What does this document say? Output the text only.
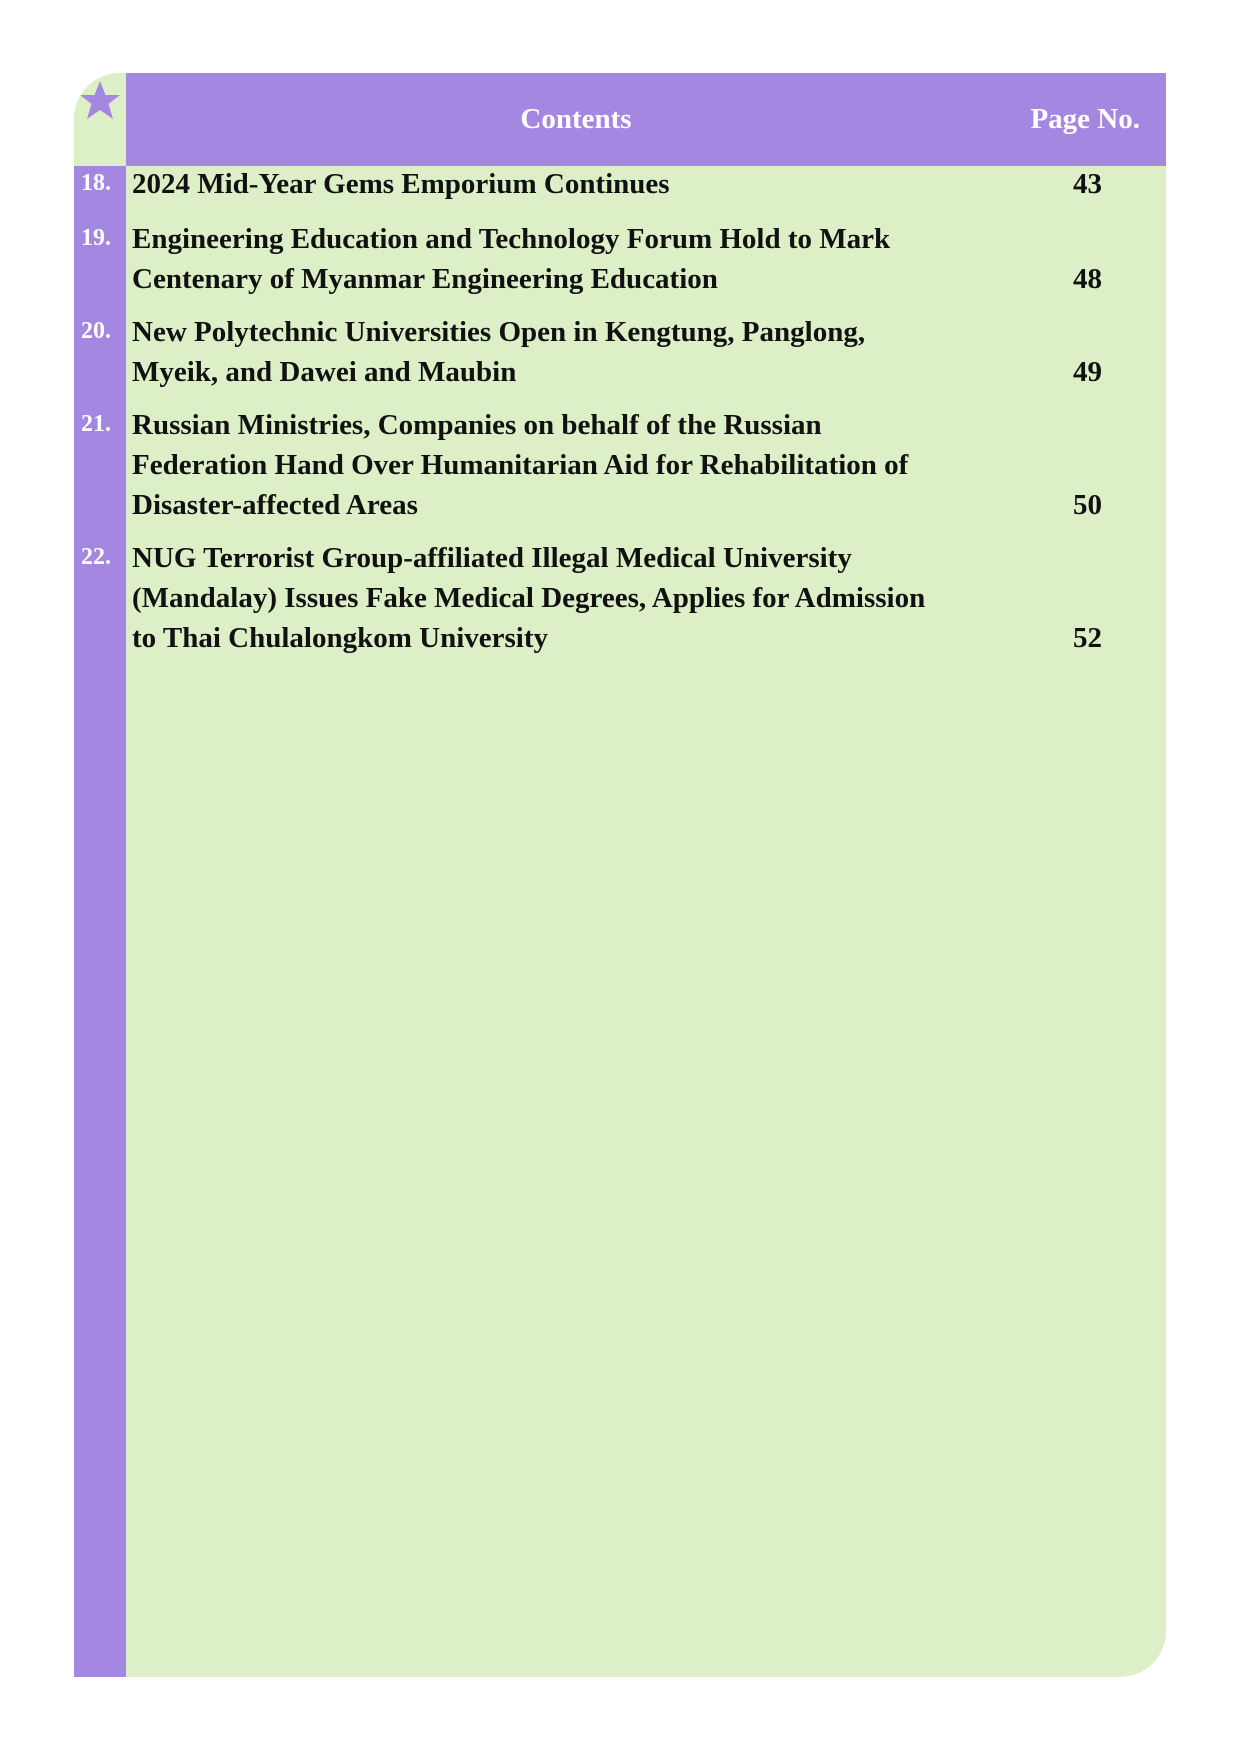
Contents	Page No.
18. 2024 Mid-Year Gems Emporium Continues	43
19. Engineering Education and Technology Forum Hold to Mark
Centenary of Myanmar Engineering Education	48
20. New Polytechnic Universities Open in Kengtung, Panglong,
Myeik, and Dawei and Maubin	49
21. Russian Ministries, Companies on behalf of the Russian
Federation Hand Over Humanitarian Aid for Rehabilitation of
Disaster-affected Areas	50
22. NUG Terrorist Group-affiliated Illegal Medical University
(Mandalay) Issues Fake Medical Degrees, Applies for Admission
to Thai Chulalongkom University	52
